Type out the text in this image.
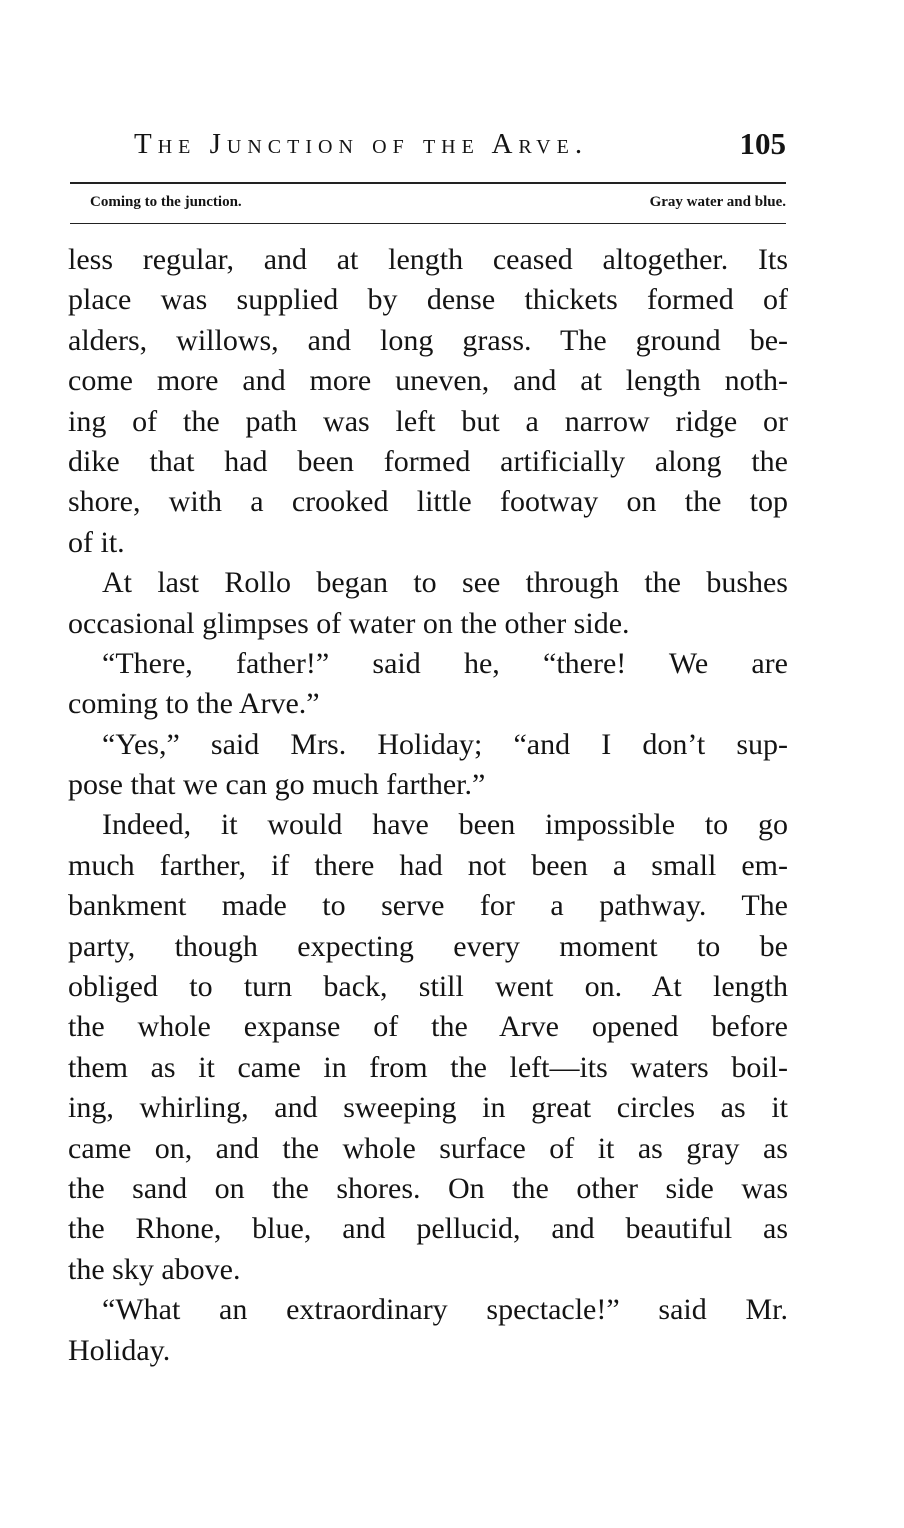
The Junction of the Arve.	105
Coming to the junction.	Gray water and blue.
less regular, and at length ceased altogether. Its
place was supplied by dense thickets formed of
alders, willows, and long grass. The ground be-
come more and more uneven, and at length noth-
ing of the path was left but a narrow ridge or
dike that had been formed artificially along the
shore, with a crooked little footway on the top
of it.
At last Rollo began to see through the bushes
occasional glimpses of water on the other side.
“There, father!” said he, “there! We are
coming to the Arve.”
“Yes,” said Mrs. Holiday; “and I don’t sup-
pose that we can go much farther.”
Indeed, it would have been impossible to go
much farther, if there had not been a small em-
bankment made to serve for a pathway. The
party, though expecting every moment to be
obliged to turn back, still went on. At length
the whole expanse of the Arve opened before
them as it came in from the left—its waters boil-
ing, whirling, and sweeping in great circles as it
came on, and the whole surface of it as gray as
the sand on the shores. On the other side was
the Rhone, blue, and pellucid, and beautiful as
the sky above.
“What an extraordinary spectacle!” said Mr.
Holiday.
